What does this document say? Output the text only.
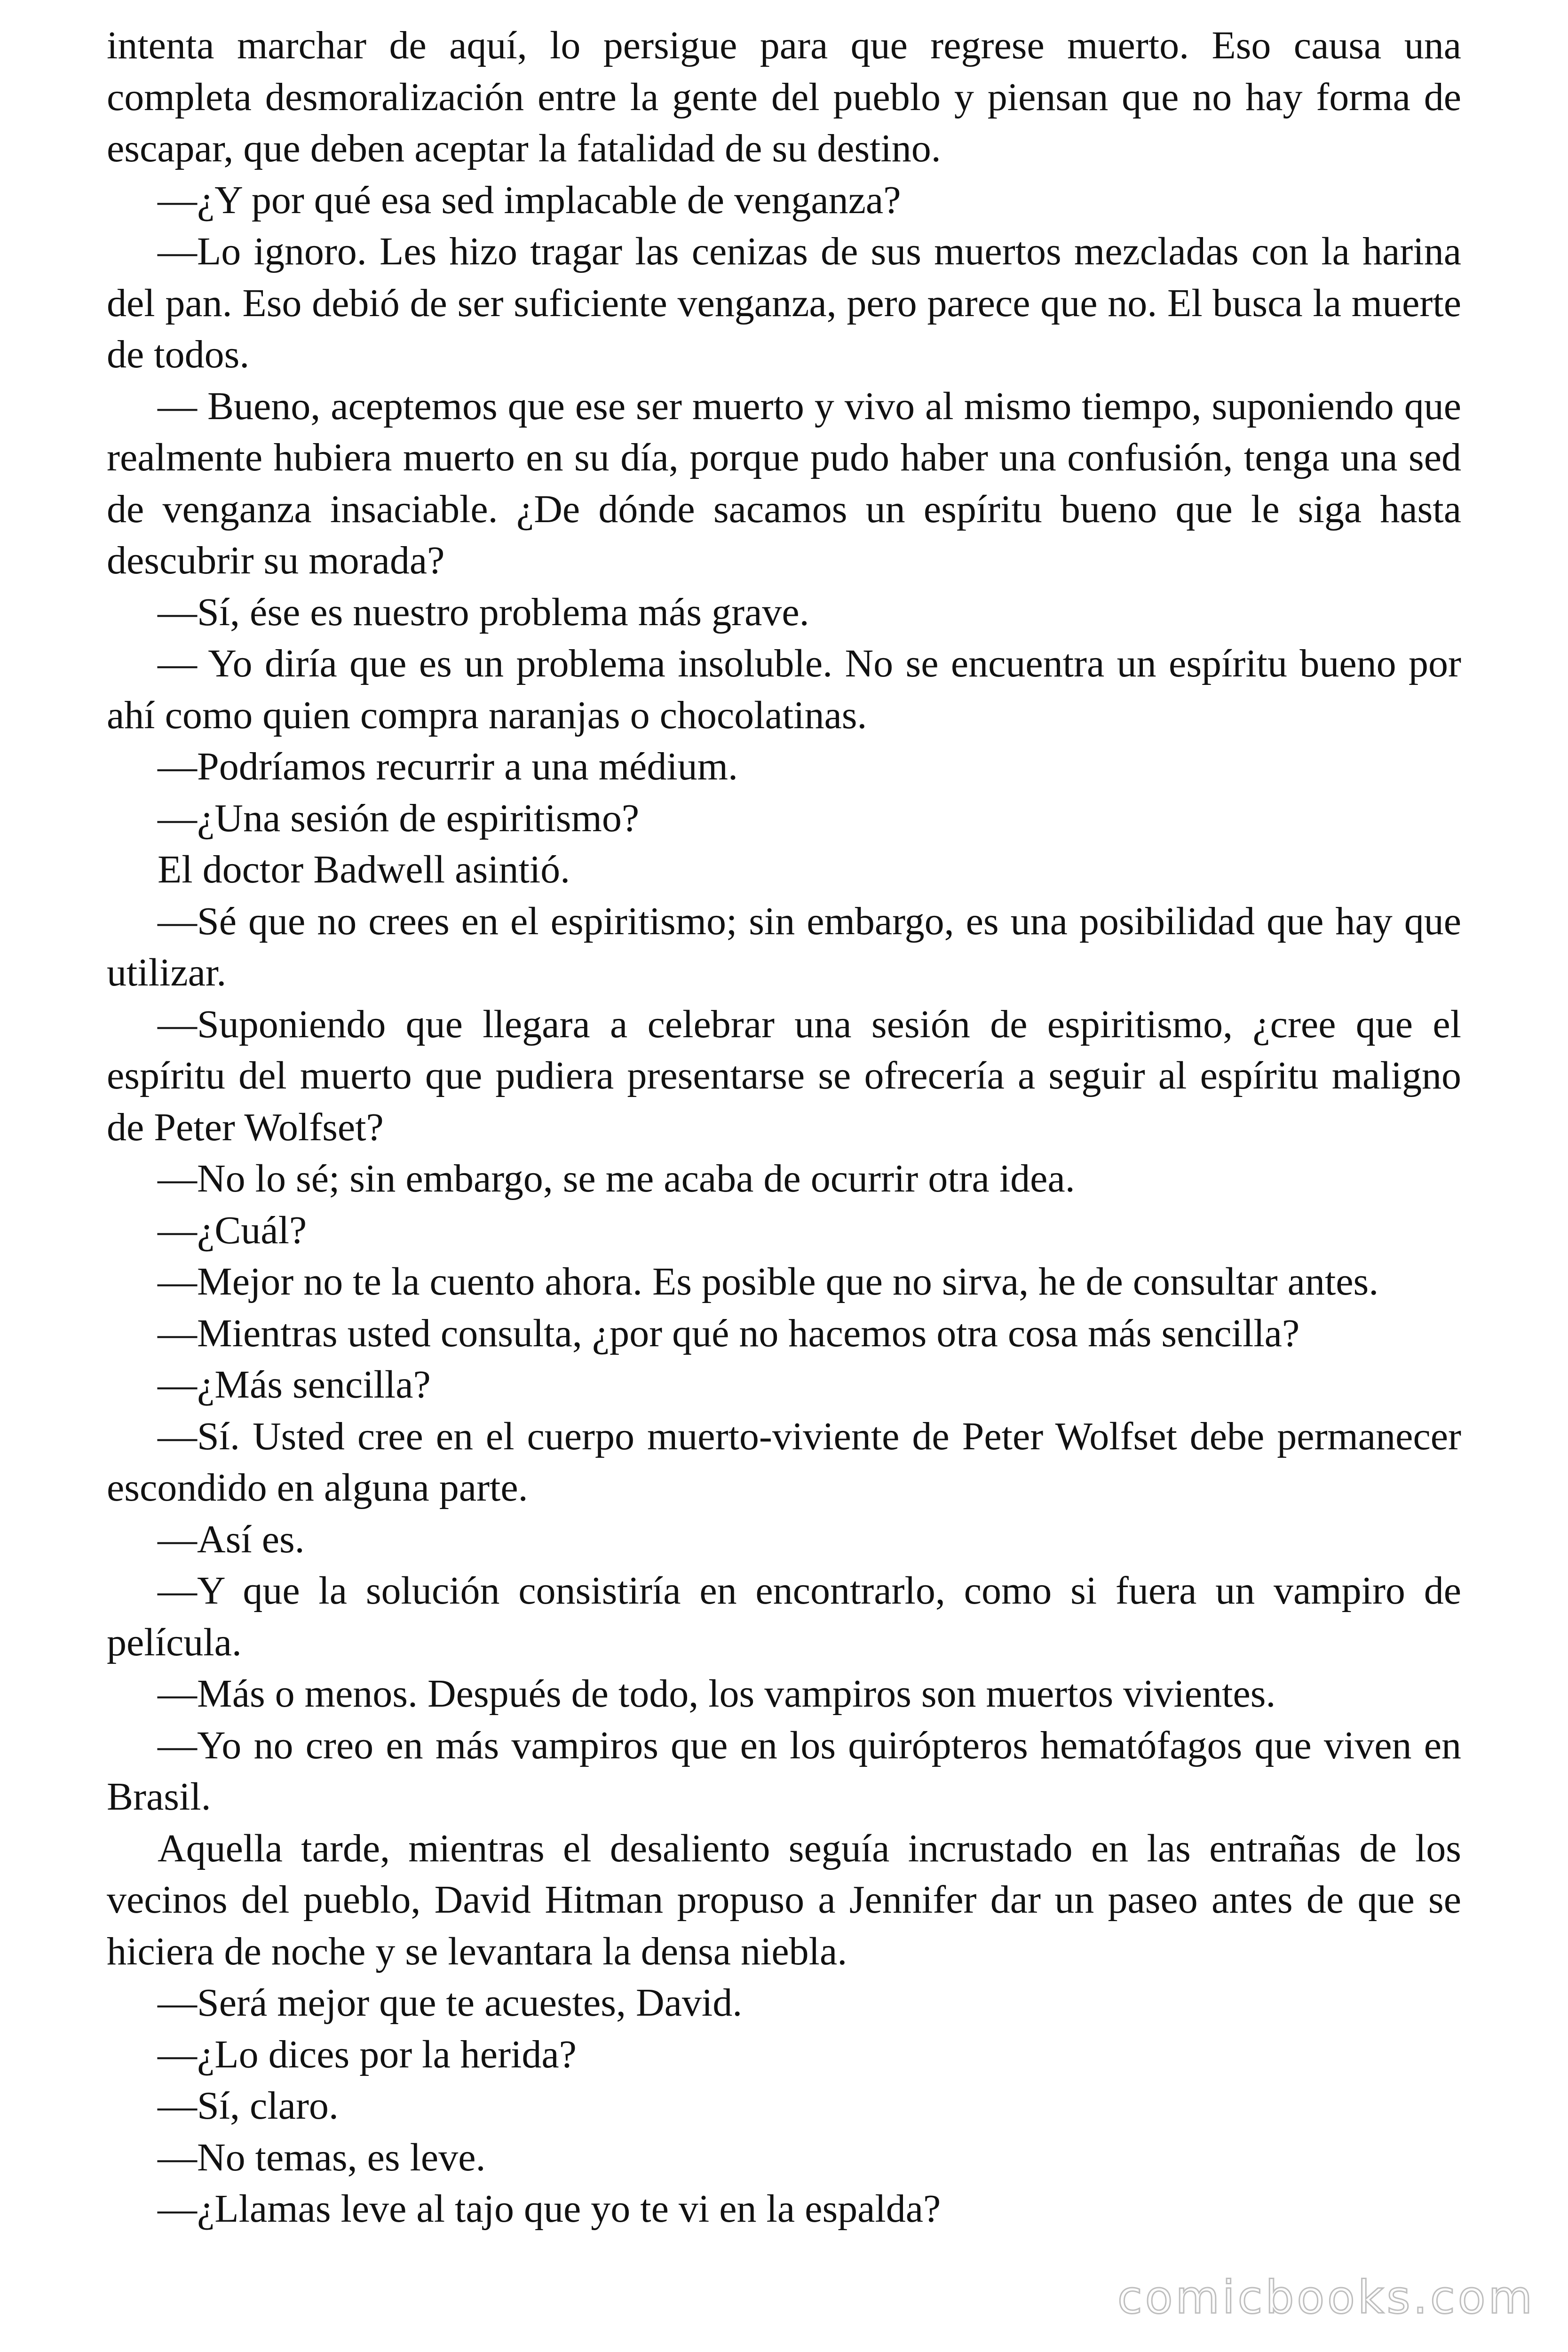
intenta marchar de aquí, lo persigue para que regrese muerto. Eso causa una completa desmoralización entre la gente del pueblo y piensan que no hay forma de escapar, que deben aceptar la fatalidad de su destino.

—¿Y por qué esa sed implacable de venganza?

—Lo ignoro. Les hizo tragar las cenizas de sus muertos mezcladas con la harina del pan. Eso debió de ser suficiente venganza, pero parece que no. El busca la muerte de todos.

— Bueno, aceptemos que ese ser muerto y vivo al mismo tiempo, suponiendo que realmente hubiera muerto en su día, porque pudo haber una confusión, tenga una sed de venganza insaciable. ¿De dónde sacamos un espíritu bueno que le siga hasta descubrir su morada?

—Sí, ése es nuestro problema más grave.

— Yo diría que es un problema insoluble. No se encuentra un espíritu bueno por ahí como quien compra naranjas o chocolatinas.

—Podríamos recurrir a una médium.

—¿Una sesión de espiritismo?

El doctor Badwell asintió.

—Sé que no crees en el espiritismo; sin embargo, es una posibilidad que hay que utilizar.

—Suponiendo que llegara a celebrar una sesión de espiritismo, ¿cree que el espíritu del muerto que pudiera presentarse se ofrecería a seguir al espíritu maligno de Peter Wolfset?

—No lo sé; sin embargo, se me acaba de ocurrir otra idea.

—¿Cuál?

—Mejor no te la cuento ahora. Es posible que no sirva, he de consultar antes.

—Mientras usted consulta, ¿por qué no hacemos otra cosa más sencilla?

—¿Más sencilla?

—Sí. Usted cree en el cuerpo muerto-viviente de Peter Wolfset debe permanecer escondido en alguna parte.

—Así es.

—Y que la solución consistiría en encontrarlo, como si fuera un vampiro de película.

—Más o menos. Después de todo, los vampiros son muertos vivientes.

—Yo no creo en más vampiros que en los quirópteros hematófagos que viven en Brasil.

Aquella tarde, mientras el desaliento seguía incrustado en las entrañas de los vecinos del pueblo, David Hitman propuso a Jennifer dar un paseo antes de que se hiciera de noche y se levantara la densa niebla.

—Será mejor que te acuestes, David.

—¿Lo dices por la herida?

—Sí, claro.

—No temas, es leve.

—¿Llamas leve al tajo que yo te vi en la espalda?

comicbooks.com
